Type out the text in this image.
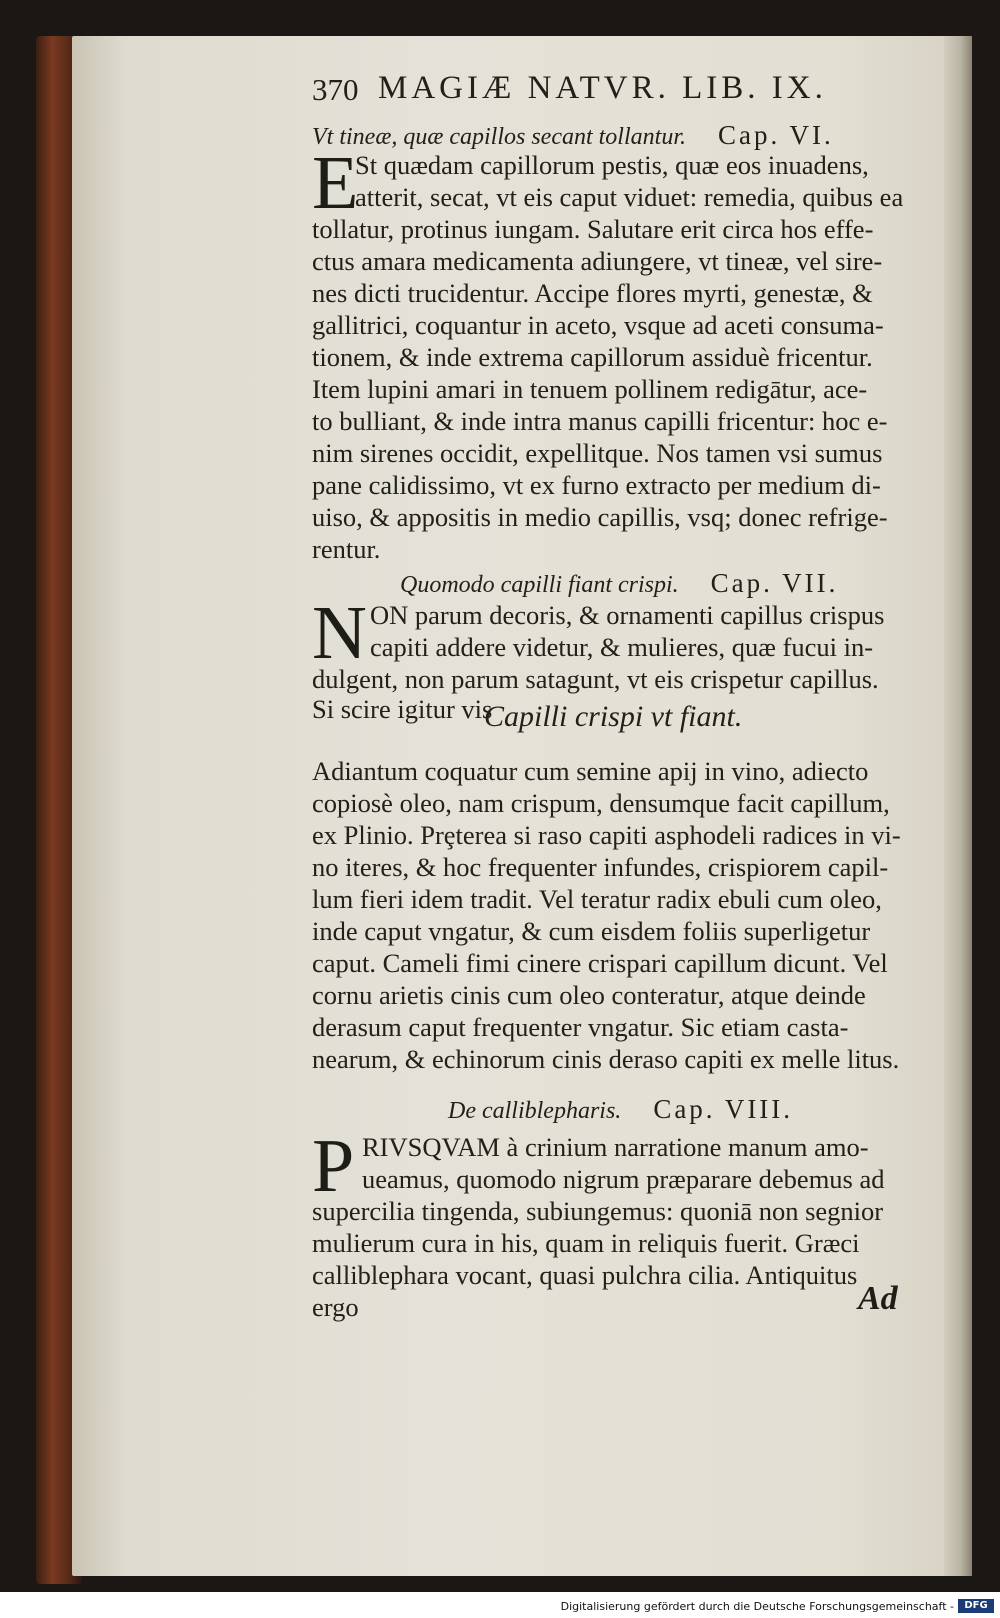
370 MAGIÆ NATVR. LIB. IX.
Vt tineæ, quæ capillos secant tollantur. Cap. VI.
E
St quædam capillorum pestis, quæ eos inuadens,
atterit, secat, vt eis caput viduet: remedia, quibus ea
tollatur, protinus iungam. Salutare erit circa hos effe-
ctus amara medicamenta adiungere, vt tineæ, vel sire-
nes dicti trucidentur. Accipe flores myrti, genestæ, &
gallitrici, coquantur in aceto, vsque ad aceti consuma-
tionem, & inde extrema capillorum assiduè fricentur.
Item lupini amari in tenuem pollinem redigātur, ace-
to bulliant, & inde intra manus capilli fricentur: hoc e-
nim sirenes occidit, expellitque. Nos tamen vsi sumus
pane calidissimo, vt ex furno extracto per medium di-
uiso, & appositis in medio capillis, vsq; donec refrige-
rentur.
Quomodo capilli fiant crispi. Cap. VII.
N ON parum decoris, & ornamenti capillus crispus
capiti addere videtur, & mulieres, quæ fucui in-
dulgent, non parum satagunt, vt eis crispetur capillus.
Si scire igitur vis
Capilli crispi vt fiant.
Adiantum coquatur cum semine apij in vino, adiecto
copiosè oleo, nam crispum, densumque facit capillum,
ex Plinio. Prȩterea si raso capiti asphodeli radices in vi-
no iteres, & hoc frequenter infundes, crispiorem capil-
lum fieri idem tradit. Vel teratur radix ebuli cum oleo,
inde caput vngatur, & cum eisdem foliis superligetur
caput. Cameli fimi cinere crispari capillum dicunt. Vel
cornu arietis cinis cum oleo conteratur, atque deinde
derasum caput frequenter vngatur. Sic etiam casta-
nearum, & echinorum cinis deraso capiti ex melle litus.
De calliblepharis. Cap. VIII.
P RIVSQVAM à crinium narratione manum amo-
ueamus, quomodo nigrum præparare debemus ad
supercilia tingenda, subiungemus: quoniā non segnior
mulierum cura in his, quam in reliquis fuerit. Græci
calliblephara vocant, quasi pulchra cilia. Antiquitus
ergo	Ad
Digitalisierung gefördert durch die Deutsche Forschungsgemeinschaft -	DFG
